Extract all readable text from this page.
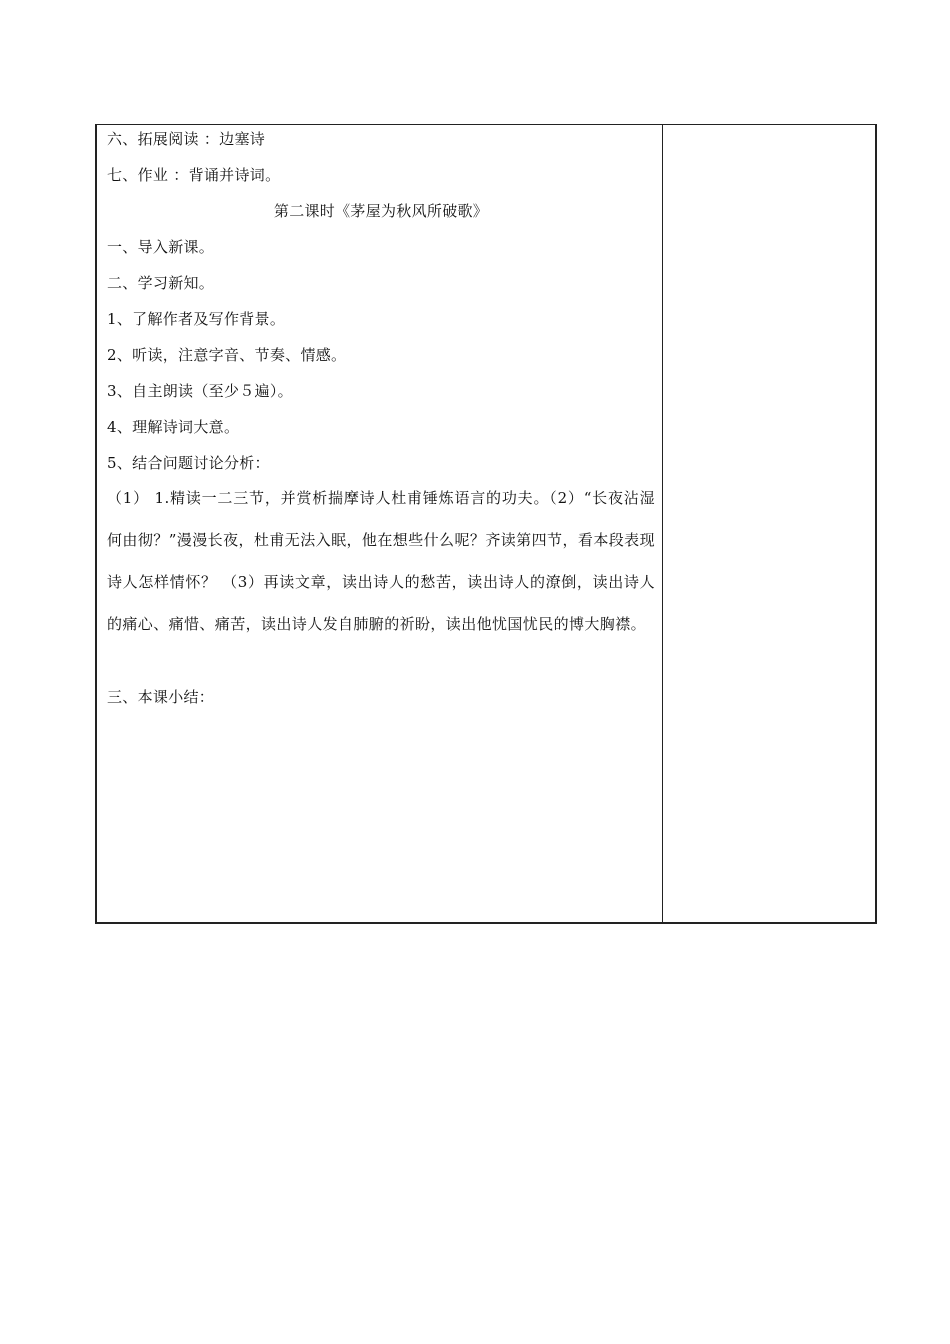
六、拓展阅读 ：边塞诗
七、作业 ：背诵并诗词。
第二课时《茅屋为秋风所破歌》
一、导入新课。
二、学习新知。
1、了解作者及写作背景。
2、听读，注意字音、节奏、情感。
3、自主朗读（至少５遍）。
4、理解诗词大意。
5、结合问题讨论分析：
（1） 1.精读一二三节，并赏析揣摩诗人杜甫锤炼语言的功夫。（2）“长夜沾湿何由彻？”漫漫长夜，杜甫无法入眠，他在想些什么呢？齐读第四节，看本段表现诗人怎样情怀？ （3）再读文章，读出诗人的愁苦，读出诗人的潦倒，读出诗人的痛心、痛惜、痛苦，读出诗人发自肺腑的祈盼，读出他忧国忧民的博大胸襟。
三、本课小结：
